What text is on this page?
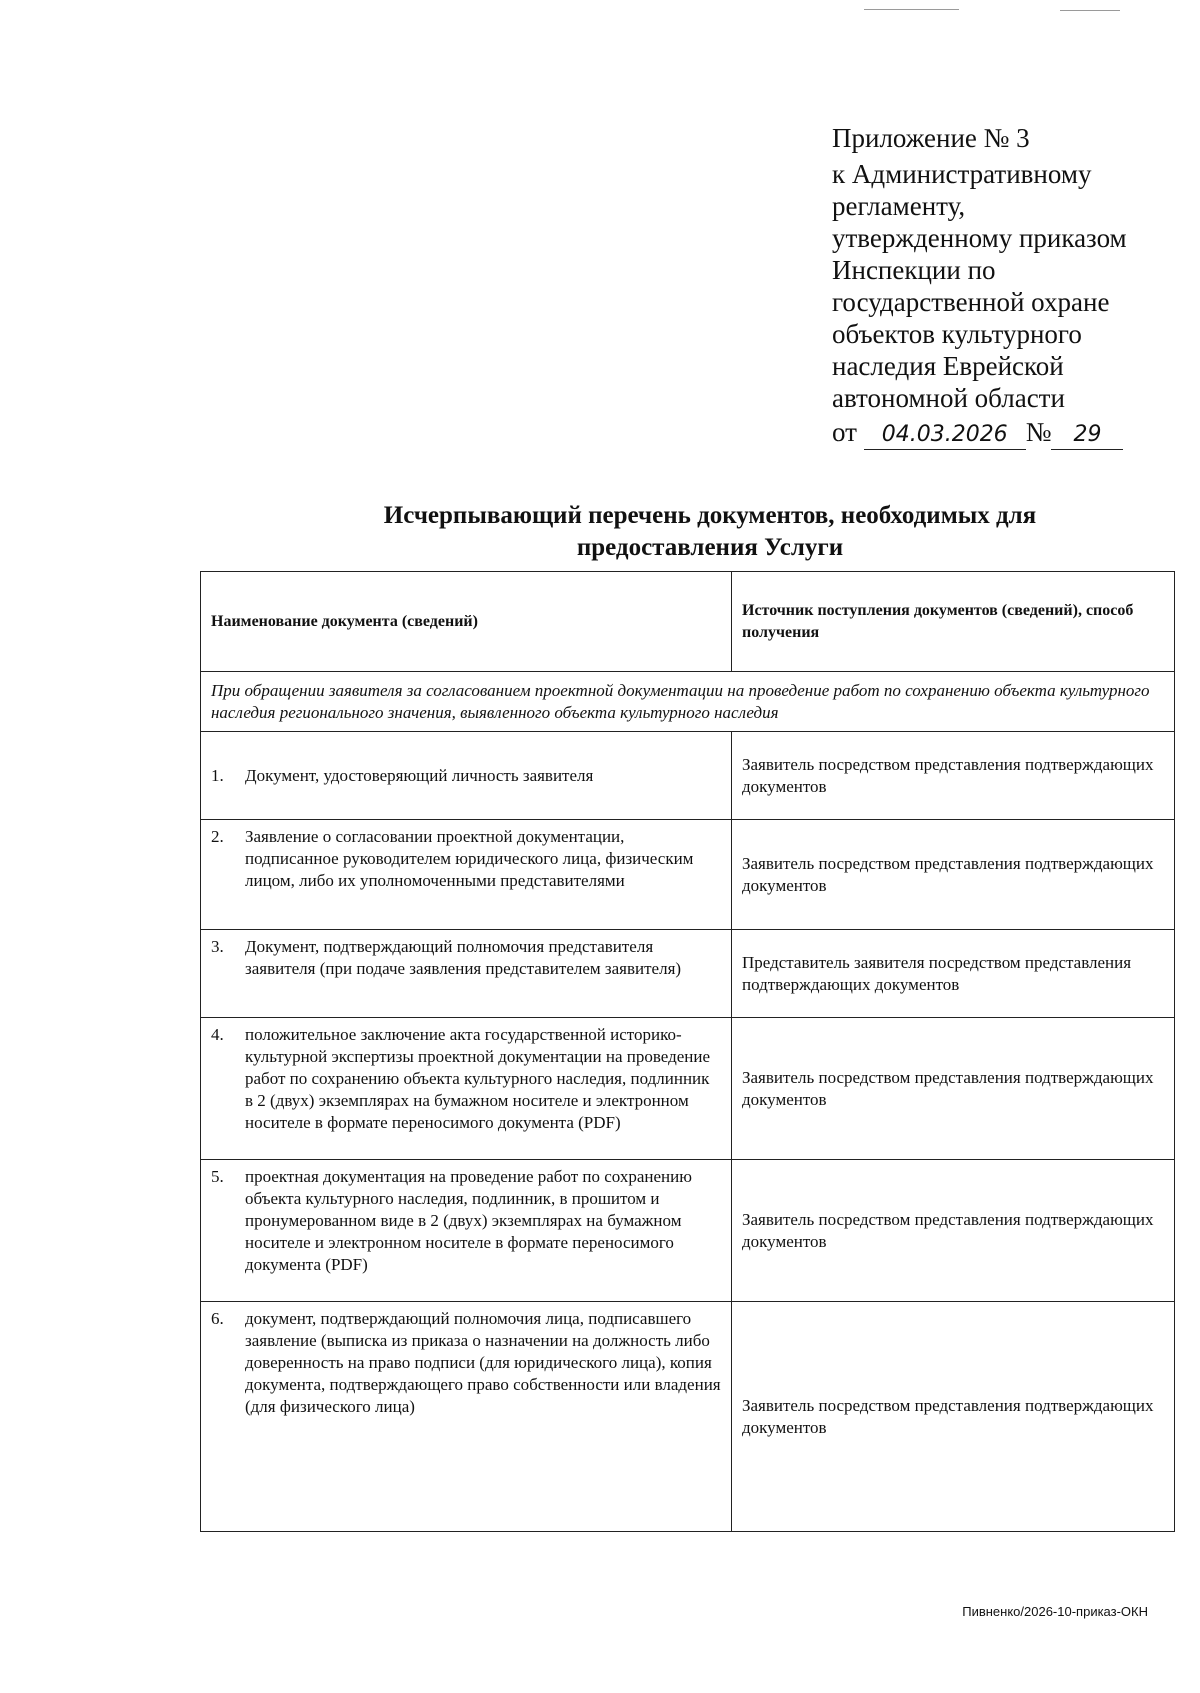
Приложение № 3
к Административному
регламенту,
утвержденному приказом
Инспекции по
государственной охране
объектов культурного
наследия Еврейской
автономной области
от 04.03.2026 № 29
Исчерпывающий перечень документов, необходимых для
предоставления Услуги
Наименование документа (сведений)	Источник поступления документов (сведений), способ получения
При обращении заявителя за согласованием проектной документации на проведение работ по сохранению объекта культурного наследия регионального значения, выявленного объекта культурного наследия	

1. Документ, удостоверяющий личность заявителя	Заявитель посредством представления подтверждающих документов

2. Заявление о согласовании проектной документации, подписанное руководителем юридического лица, физическим лицом, либо их уполномоченными представителями	Заявитель посредством представления подтверждающих документов

3. Документ, подтверждающий полномочия представителя заявителя (при подаче заявления представителем заявителя)	Представитель заявителя посредством представления подтверждающих документов

4. положительное заключение акта государственной историко-культурной экспертизы проектной документации на проведение работ по сохранению объекта культурного наследия, подлинник в 2 (двух) экземплярах на бумажном носителе и электронном носителе в формате переносимого документа (PDF)	Заявитель посредством представления подтверждающих документов

5. проектная документация на проведение работ по сохранению объекта культурного наследия, подлинник, в прошитом и пронумерованном виде в 2 (двух) экземплярах на бумажном носителе и электронном носителе в формате переносимого документа (PDF)	Заявитель посредством представления подтверждающих документов

6. документ, подтверждающий полномочия лица, подписавшего заявление (выписка из приказа о назначении на должность либо доверенность на право подписи (для юридического лица), копия документа, подтверждающего право собственности или владения (для физического лица)	Заявитель посредством представления подтверждающих документов
Пивненко/2026-10-приказ-ОКН
